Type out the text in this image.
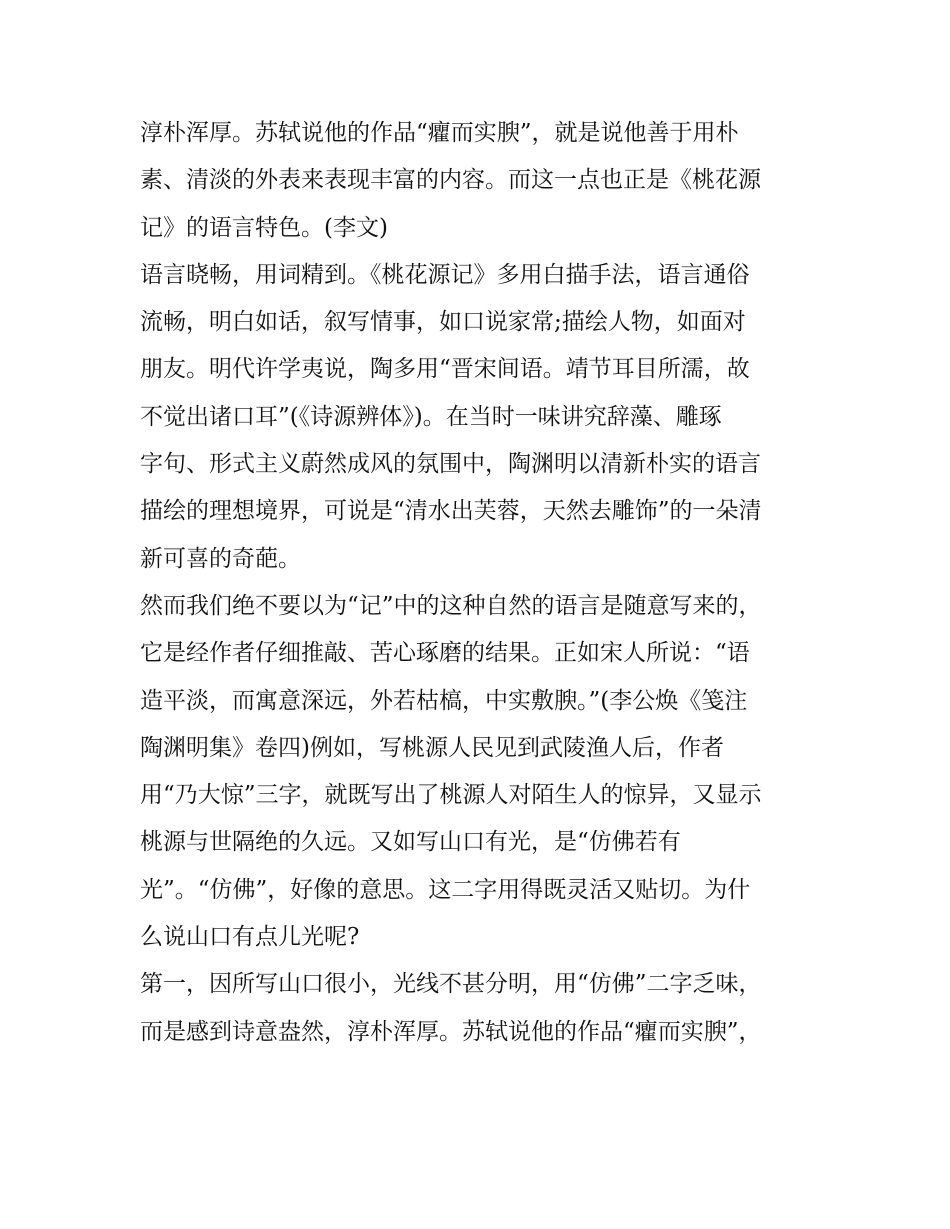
淳朴浑厚。苏轼说他的作品“癯而实腴”，就是说他善于用朴
素、清淡的外表来表现丰富的内容。而这一点也正是《桃花源
记》的语言特色。(李文)
语言晓畅，用词精到。《桃花源记》多用白描手法，语言通俗
流畅，明白如话，叙写情事，如口说家常;描绘人物，如面对
朋友。明代许学夷说，陶多用“晋宋间语。靖节耳目所濡，故
不觉出诸口耳”(《诗源辨体》)。在当时一味讲究辞藻、雕琢
字句、形式主义蔚然成风的氛围中，陶渊明以清新朴实的语言
描绘的理想境界，可说是“清水出芙蓉，天然去雕饰”的一朵清
新可喜的奇葩。
然而我们绝不要以为“记”中的这种自然的语言是随意写来的，
它是经作者仔细推敲、苦心琢磨的结果。正如宋人所说：“语
造平淡，而寓意深远，外若枯槁，中实敷腴。”(李公焕《笺注
陶渊明集》卷四)例如，写桃源人民见到武陵渔人后，作者
用“乃大惊”三字，就既写出了桃源人对陌生人的惊异，又显示
桃源与世隔绝的久远。又如写山口有光，是“仿佛若有
光”。“仿佛”，好像的意思。这二字用得既灵活又贴切。为什
么说山口有点儿光呢?
第一，因所写山口很小，光线不甚分明，用“仿佛”二字乏味，
而是感到诗意盎然，淳朴浑厚。苏轼说他的作品“癯而实腴”，
